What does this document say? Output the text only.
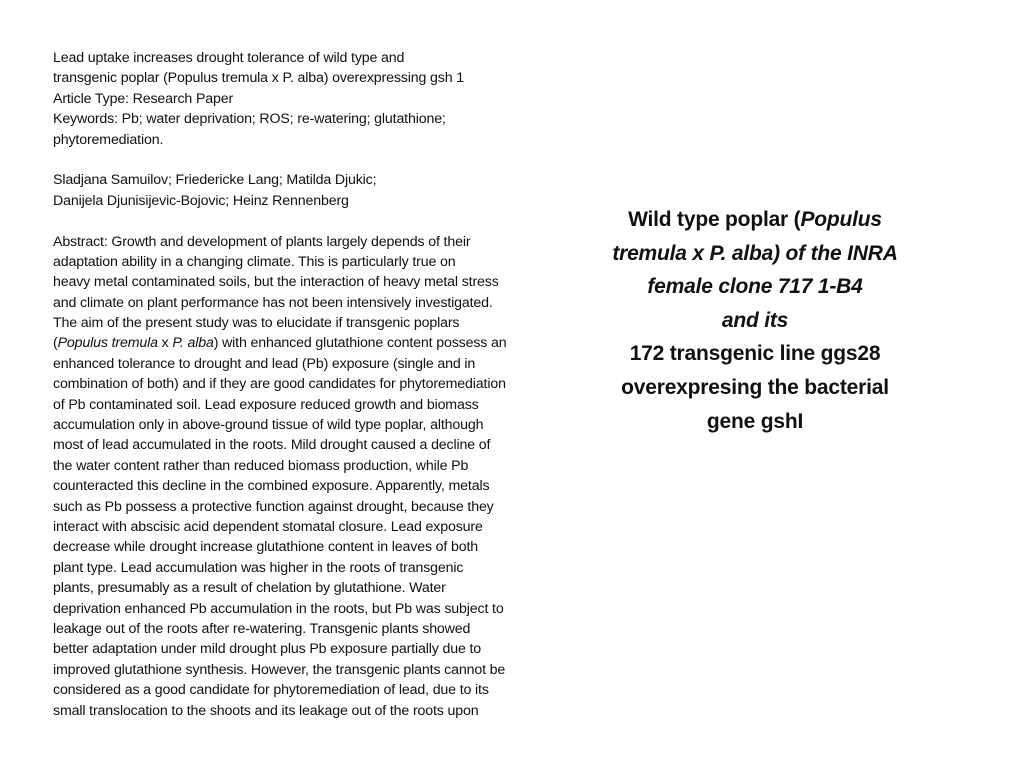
Lead uptake increases drought tolerance of wild type and
transgenic poplar (Populus tremula x P. alba) overexpressing gsh 1
Article Type: Research Paper
Keywords: Pb; water deprivation; ROS; re-watering; glutathione;
phytoremediation.
Sladjana Samuilov; Friedericke Lang; Matilda Djukic;
Danijela Djunisijevic-Bojovic; Heinz Rennenberg
Abstract: Growth and development of plants largely depends of their
adaptation ability in a changing climate. This is particularly true on
heavy metal contaminated soils, but the interaction of heavy metal stress
and climate on plant performance has not been intensively investigated.
The aim of the present study was to elucidate if transgenic poplars
(Populus tremula x P. alba) with enhanced glutathione content possess an
enhanced tolerance to drought and lead (Pb) exposure (single and in
combination of both) and if they are good candidates for phytoremediation
of Pb contaminated soil. Lead exposure reduced growth and biomass
accumulation only in above-ground tissue of wild type poplar, although
most of lead accumulated in the roots. Mild drought caused a decline of
the water content rather than reduced biomass production, while Pb
counteracted this decline in the combined exposure. Apparently, metals
such as Pb possess a protective function against drought, because they
interact with abscisic acid dependent stomatal closure. Lead exposure
decrease while drought increase glutathione content in leaves of both
plant type. Lead accumulation was higher in the roots of transgenic
plants, presumably as a result of chelation by glutathione. Water
deprivation enhanced Pb accumulation in the roots, but Pb was subject to
leakage out of the roots after re-watering. Transgenic plants showed
better adaptation under mild drought plus Pb exposure partially due to
improved glutathione synthesis. However, the transgenic plants cannot be
considered as a good candidate for phytoremediation of lead, due to its
small translocation to the shoots and its leakage out of the roots upon
Wild type poplar (Populus
tremula x P. alba) of the INRA
female clone 717 1-B4
and its
172 transgenic line ggs28
overexpresing the bacterial
gene gshI
